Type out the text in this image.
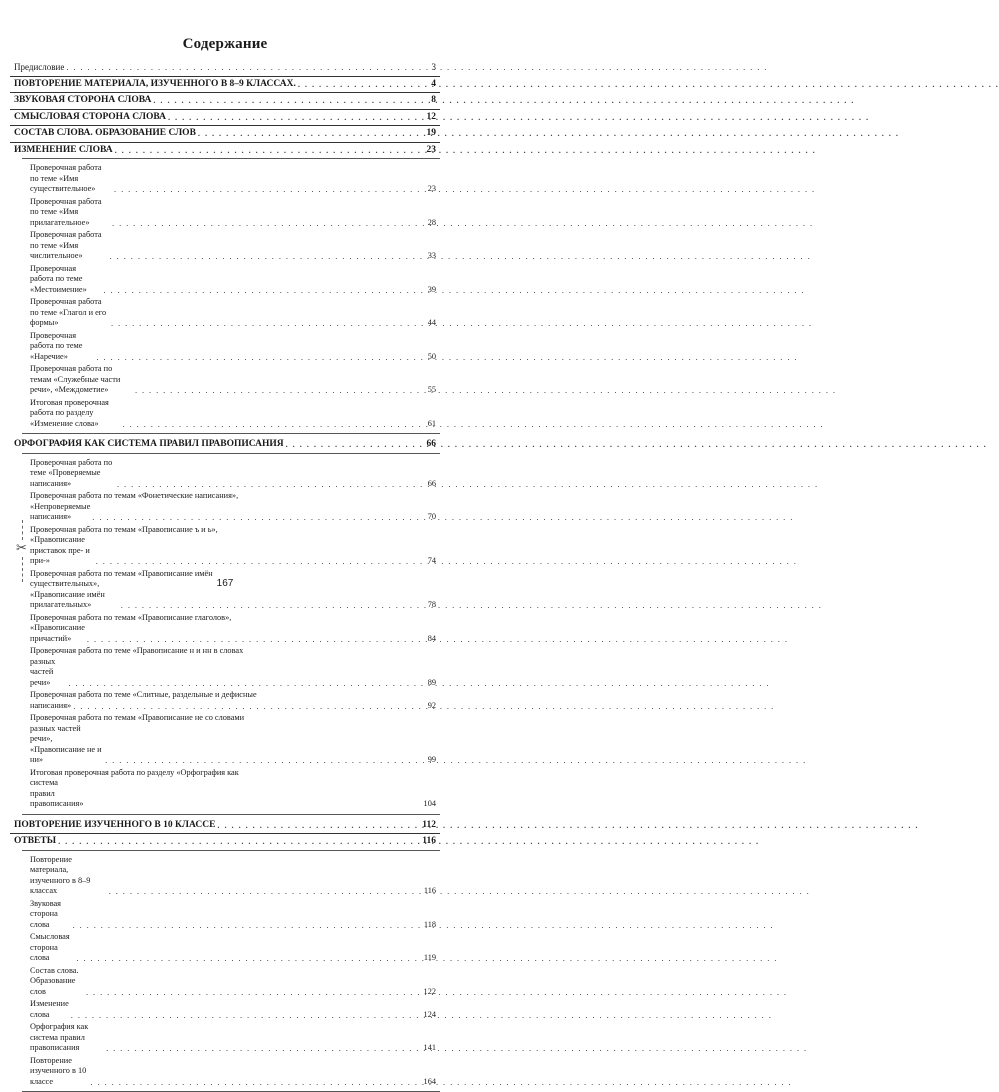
Содержание
Предисловие . . .	3
ПОВТОРЕНИЕ МАТЕРИАЛА, ИЗУЧЕННОГО В 8–9 КЛАССАХ. . . .	4
ЗВУКОВАЯ СТОРОНА СЛОВА . . .	8
СМЫСЛОВАЯ СТОРОНА СЛОВА . . .	12
СОСТАВ СЛОВА. ОБРАЗОВАНИЕ СЛОВ . . .	19
ИЗМЕНЕНИЕ СЛОВА . . .	23
Проверочная работа по теме «Имя существительное» . . .	23
Проверочная работа по теме «Имя прилагательное» . . .	28
Проверочная работа по теме «Имя числительное» . . .	33
Проверочная работа по теме «Местоимение» . . .	39
Проверочная работа по теме «Глагол и его формы» . . .	44
Проверочная работа по теме «Наречие» . . .	50
Проверочная работа по темам «Служебные части речи», «Междометие» . . .	55
Итоговая проверочная работа по разделу «Изменение слова» . . .	61
ОРФОГРАФИЯ КАК СИСТЕМА ПРАВИЛ ПРАВОПИСАНИЯ . . .	66
Проверочная работа по теме «Проверяемые написания» . . .	66
Проверочная работа по темам «Фонетические написания»,
«Непроверяемые написания» . . .	70
Проверочная работа по темам «Правописание ъ и ь»,
«Правописание приставок пре- и при-» . . .	74
Проверочная работа по темам «Правописание имён
существительных», «Правописание имён прилагательных» . . .	78
Проверочная работа по темам «Правописание глаголов»,
«Правописание причастий» . . .	84
Проверочная работа по теме «Правописание н и нн в словах
разных частей речи» . . .	89
Проверочная работа по теме «Слитные, раздельные и дефисные
написания» . . .	92
Проверочная работа по темам «Правописание не со словами
разных частей речи», «Правописание не и ни» . . .	99
Итоговая проверочная работа по разделу «Орфография как
система правил правописания»	104
ПОВТОРЕНИЕ ИЗУЧЕННОГО В 10 КЛАССЕ . . .	112
ОТВЕТЫ . . .	116
Повторение материала, изученного в 8–9 классах . . .	116
Звуковая сторона слова . . .	118
Смысловая сторона слова . . .	119
Состав слова. Образование слов . . .	122
Изменение слова . . .	124
Орфография как система правил правописания . . .	141
Повторение изученного в 10 классе . . .	164
✂
167
